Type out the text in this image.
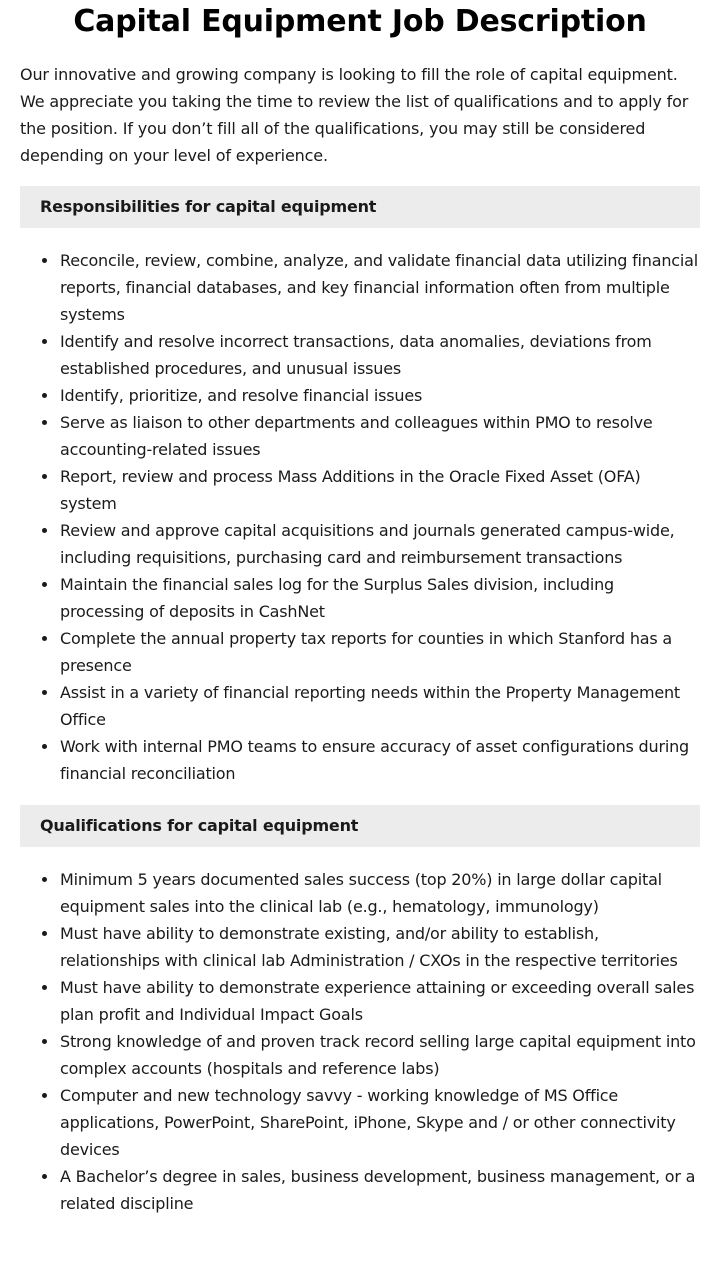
Capital Equipment Job Description

Our innovative and growing company is looking to fill the role of capital equipment. We appreciate you taking the time to review the list of qualifications and to apply for the position. If you don’t fill all of the qualifications, you may still be considered depending on your level of experience.

Responsibilities for capital equipment
Reconcile, review, combine, analyze, and validate financial data utilizing financial reports, financial databases, and key financial information often from multiple systems
Identify and resolve incorrect transactions, data anomalies, deviations from established procedures, and unusual issues
Identify, prioritize, and resolve financial issues
Serve as liaison to other departments and colleagues within PMO to resolve accounting-related issues
Report, review and process Mass Additions in the Oracle Fixed Asset (OFA) system
Review and approve capital acquisitions and journals generated campus-wide, including requisitions, purchasing card and reimbursement transactions
Maintain the financial sales log for the Surplus Sales division, including processing of deposits in CashNet
Complete the annual property tax reports for counties in which Stanford has a presence
Assist in a variety of financial reporting needs within the Property Management Office
Work with internal PMO teams to ensure accuracy of asset configurations during financial reconciliation
Qualifications for capital equipment
Minimum 5 years documented sales success (top 20%) in large dollar capital equipment sales into the clinical lab (e.g., hematology, immunology)
Must have ability to demonstrate existing, and/or ability to establish, relationships with clinical lab Administration / CXOs in the respective territories
Must have ability to demonstrate experience attaining or exceeding overall sales plan profit and Individual Impact Goals
Strong knowledge of and proven track record selling large capital equipment into complex accounts (hospitals and reference labs)
Computer and new technology savvy - working knowledge of MS Office applications, PowerPoint, SharePoint, iPhone, Skype and / or other connectivity devices
A Bachelor’s degree in sales, business development, business management, or a related discipline
